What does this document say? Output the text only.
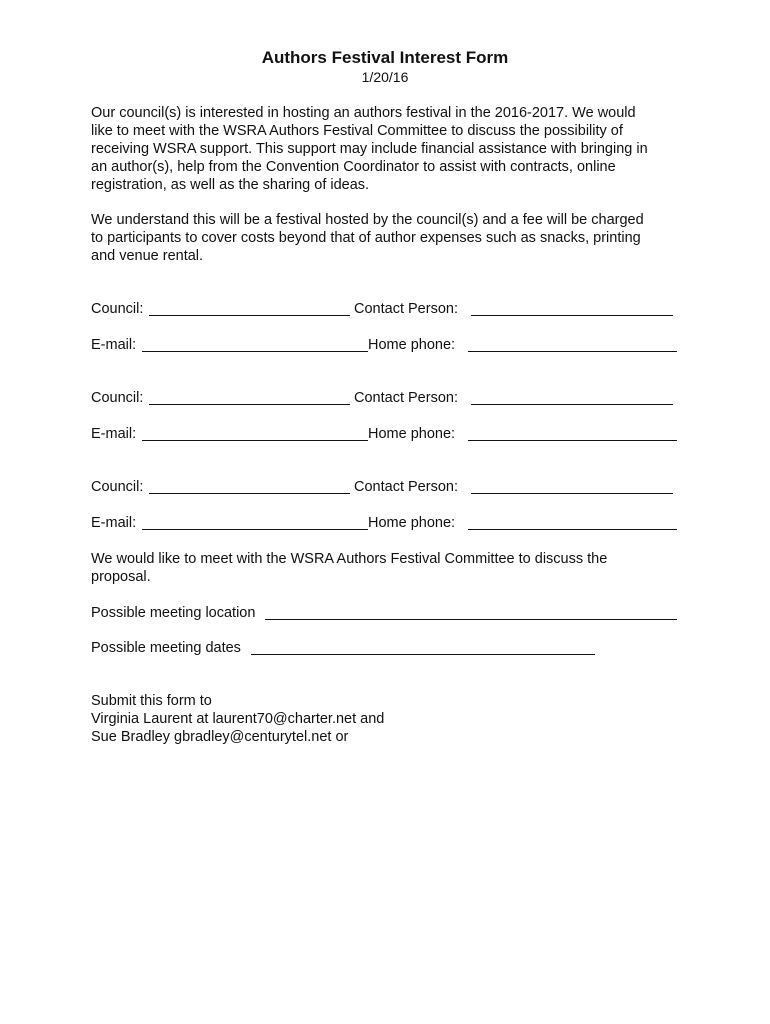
Authors Festival Interest Form
1/20/16
Our council(s) is interested in hosting an authors festival in the 2016-2017. We would
like to meet with the WSRA Authors Festival Committee to discuss the possibility of
receiving WSRA support. This support may include financial assistance with bringing in
an author(s), help from the Convention Coordinator to assist with contracts, online
registration, as well as the sharing of ideas.
We understand this will be a festival hosted by the council(s) and a fee will be charged
to participants to cover costs beyond that of author expenses such as snacks, printing
and venue rental.
Council:	Contact Person:
E-mail:	Home phone:
Council:	Contact Person:
E-mail:	Home phone:
Council:	Contact Person:
E-mail:	Home phone:
We would like to meet with the WSRA Authors Festival Committee to discuss the
proposal.
Possible meeting location
Possible meeting dates
Submit this form to
Virginia Laurent at laurent70@charter.net and
Sue Bradley gbradley@centurytel.net or
